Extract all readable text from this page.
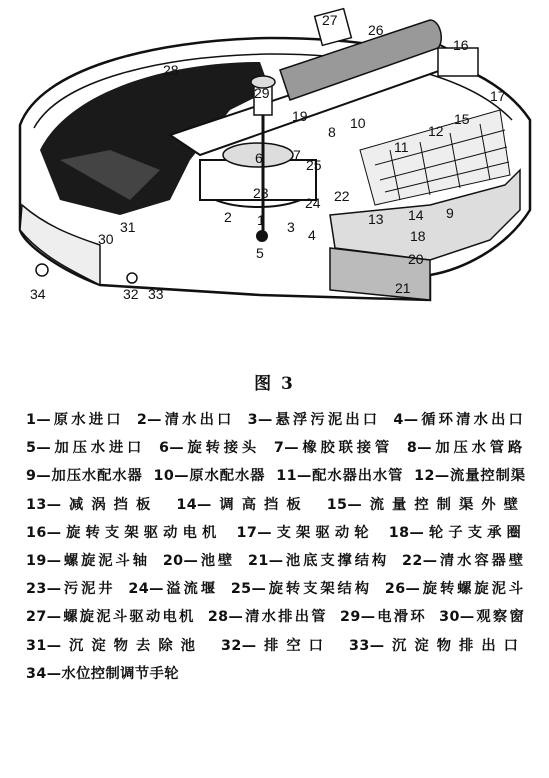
1
2
3 4
5
6 7
8
9
10
11
12
13 14
15
16
17
18
19
20
21
22
23
24
25
26
27
28
29
30
31
32 33
34
图 3
1—原水进口 2—清水出口 3—悬浮污泥出口 4—循环清水出口 5—加压水进口 6—旋转接头 7—橡胶联接管 8—加压水管路 9—加压水配水器 10—原水配水器 11—配水器出水管 12—流量控制渠 13—减涡挡板 14—调高挡板 15—流量控制渠外壁 16—旋转支架驱动电机 17—支架驱动轮 18—轮子支承圈 19—螺旋泥斗轴 20—池壁 21—池底支撑结构 22—清水容器壁 23—污泥井 24—溢流堰 25—旋转支架结构 26—旋转螺旋泥斗 27—螺旋泥斗驱动电机 28—清水排出管 29—电滑环 30—观察窗 31—沉淀物去除池 32—排空口 33—沉淀物排出口 34—水位控制调节手轮
